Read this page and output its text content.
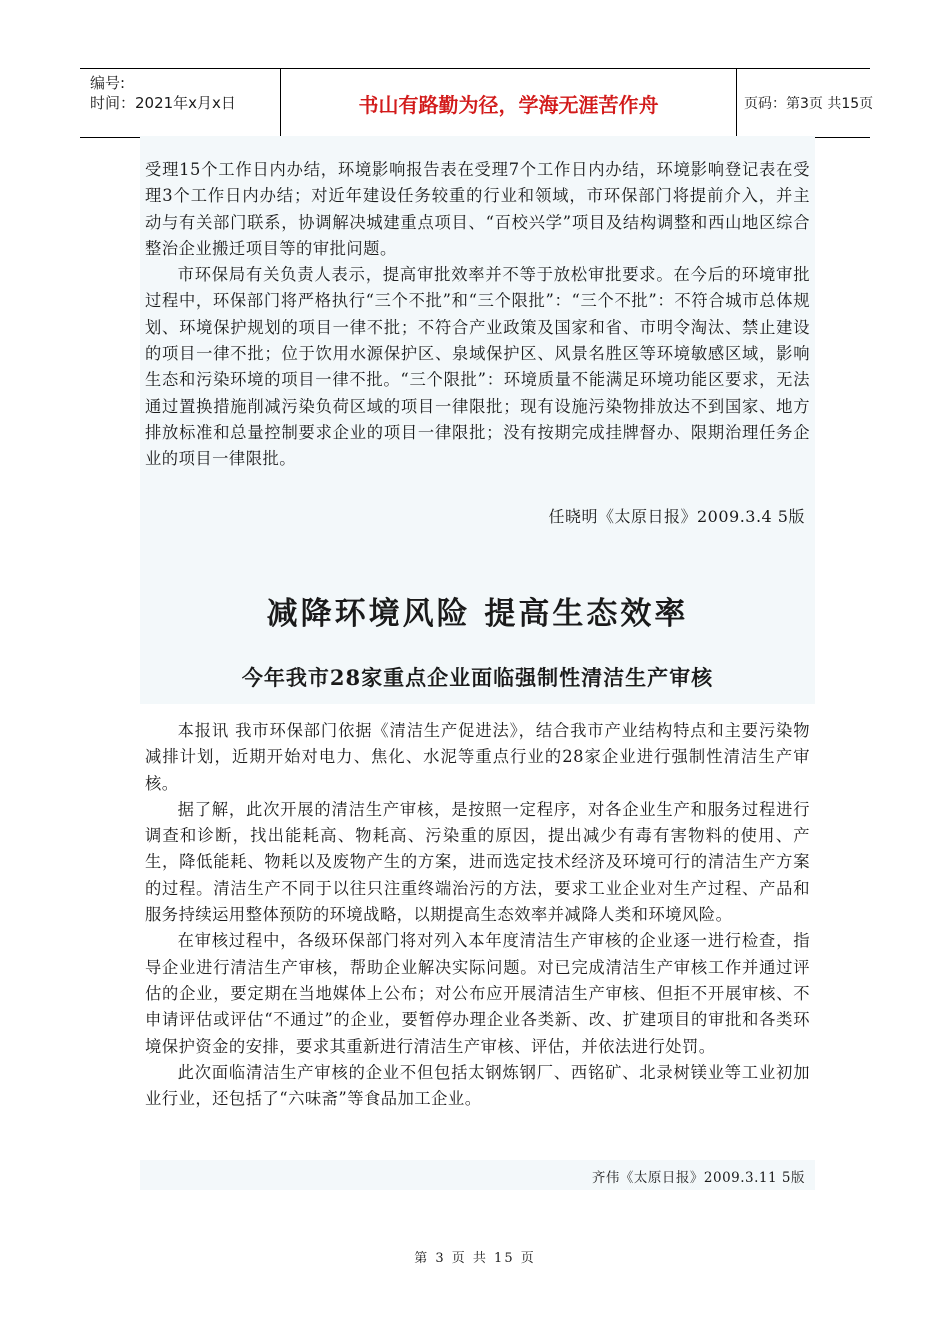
编号:
时间：2021年x月x日	书山有路勤为径，学海无涯苦作舟	页码：第3页 共15页

受理15个工作日内办结，环境影响报告表在受理7个工作日内办结，环境影响登记表在受理3个工作日内办结；对近年建设任务较重的行业和领域，市环保部门将提前介入，并主动与有关部门联系，协调解决城建重点项目、“百校兴学”项目及结构调整和西山地区综合整治企业搬迁项目等的审批问题。

市环保局有关负责人表示，提高审批效率并不等于放松审批要求。在今后的环境审批过程中，环保部门将严格执行“三个不批”和“三个限批”：“三个不批”：不符合城市总体规划、环境保护规划的项目一律不批；不符合产业政策及国家和省、市明令淘汰、禁止建设的项目一律不批；位于饮用水源保护区、泉域保护区、风景名胜区等环境敏感区域，影响生态和污染环境的项目一律不批。“三个限批”：环境质量不能满足环境功能区要求，无法通过置换措施削减污染负荷区域的项目一律限批；现有设施污染物排放达不到国家、地方排放标准和总量控制要求企业的项目一律限批；没有按期完成挂牌督办、限期治理任务企业的项目一律限批。

任晓明《太原日报》2009.3.4 5版
减降环境风险 提高生态效率
今年我市28家重点企业面临强制性清洁生产审核

本报讯 我市环保部门依据《清洁生产促进法》，结合我市产业结构特点和主要污染物减排计划，近期开始对电力、焦化、水泥等重点行业的28家企业进行强制性清洁生产审核。

据了解，此次开展的清洁生产审核，是按照一定程序，对各企业生产和服务过程进行调查和诊断，找出能耗高、物耗高、污染重的原因，提出减少有毒有害物料的使用、产生，降低能耗、物耗以及废物产生的方案，进而选定技术经济及环境可行的清洁生产方案的过程。清洁生产不同于以往只注重终端治污的方法，要求工业企业对生产过程、产品和服务持续运用整体预防的环境战略，以期提高生态效率并减降人类和环境风险。

在审核过程中，各级环保部门将对列入本年度清洁生产审核的企业逐一进行检查，指导企业进行清洁生产审核，帮助企业解决实际问题。对已完成清洁生产审核工作并通过评估的企业，要定期在当地媒体上公布；对公布应开展清洁生产审核、但拒不开展审核、不申请评估或评估“不通过”的企业，要暂停办理企业各类新、改、扩建项目的审批和各类环境保护资金的安排，要求其重新进行清洁生产审核、评估，并依法进行处罚。

此次面临清洁生产审核的企业不但包括太钢炼钢厂、西铭矿、北录树镁业等工业初加业行业，还包括了“六味斋”等食品加工企业。

齐伟《太原日报》2009.3.11 5版
第 3 页 共 15 页
